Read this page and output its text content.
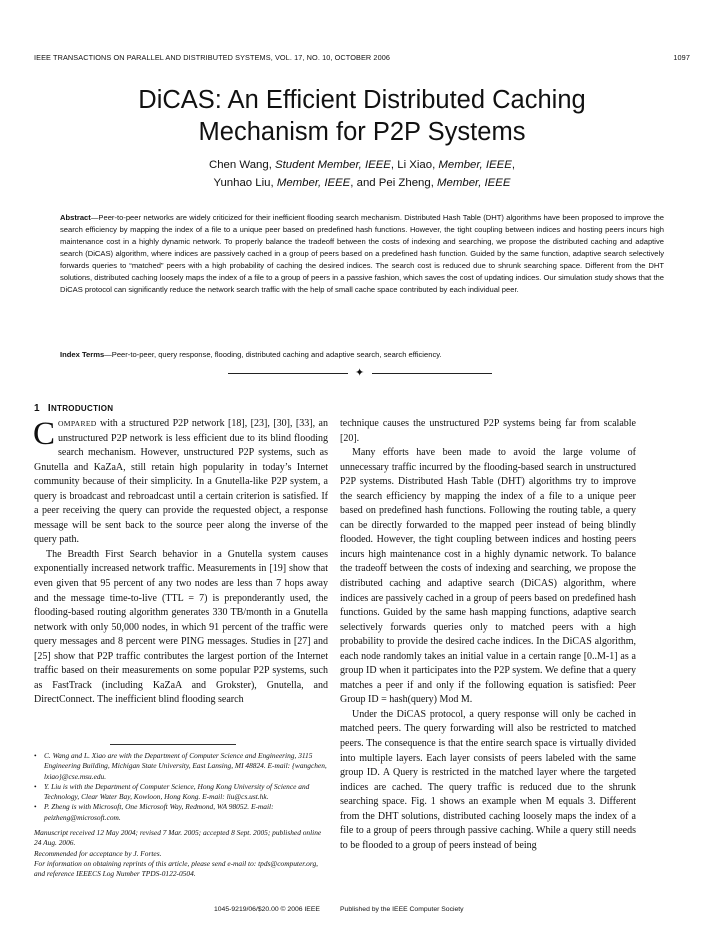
IEEE TRANSACTIONS ON PARALLEL AND DISTRIBUTED SYSTEMS, VOL. 17, NO. 10, OCTOBER 2006	1097
DiCAS: An Efficient Distributed Caching
Mechanism for P2P Systems
Chen Wang, Student Member, IEEE, Li Xiao, Member, IEEE,
Yunhao Liu, Member, IEEE, and Pei Zheng, Member, IEEE
Abstract—Peer-to-peer networks are widely criticized for their inefficient flooding search mechanism. Distributed Hash Table (DHT) algorithms have been proposed to improve the search efficiency by mapping the index of a file to a unique peer based on predefined hash functions. However, the tight coupling between indices and hosting peers incurs high maintenance cost in a highly dynamic network. To properly balance the tradeoff between the costs of indexing and searching, we propose the distributed caching and adaptive search (DiCAS) algorithm, where indices are passively cached in a group of peers based on a predefined hash function. Guided by the same function, adaptive search selectively forwards queries to “matched” peers with a high probability of caching the desired indices. The search cost is reduced due to shrunk searching space. Different from the DHT solutions, distributed caching loosely maps the index of a file to a group of peers in a passive fashion, which saves the cost of updating indices. Our simulation study shows that the DiCAS protocol can significantly reduce the network search traffic with the help of small cache space contributed by each individual peer.
Index Terms—Peer-to-peer, query response, flooding, distributed caching and adaptive search, search efficiency.
✦
1 INTRODUCTION

COMPARED with a structured P2P network [18], [23], [30], [33], an unstructured P2P network is less efficient due to its blind flooding search mechanism. However, unstructured P2P systems, such as Gnutella and KaZaA, still retain high popularity in today’s Internet community because of their simplicity. In a Gnutella-like P2P system, a query is broadcast and rebroadcast until a certain criterion is satisfied. If a peer receiving the query can provide the requested object, a response message will be sent back to the source peer along the inverse of the query path.

The Breadth First Search behavior in a Gnutella system causes exponentially increased network traffic. Measurements in [19] show that even given that 95 percent of any two nodes are less than 7 hops away and the message time-to-live (TTL = 7) is preponderantly used, the flooding-based routing algorithm generates 330 TB/month in a Gnutella network with only 50,000 nodes, in which 91 percent of the traffic were query messages and 8 percent were PING messages. Studies in [27] and [25] show that P2P traffic contributes the largest portion of the Internet traffic based on their measurements on some popular P2P systems, such as FastTrack (including KaZaA and Grokster), Gnutella, and DirectConnect. The inefficient blind flooding search

technique causes the unstructured P2P systems being far from scalable [20].

Many efforts have been made to avoid the large volume of unnecessary traffic incurred by the flooding-based search in unstructured P2P systems. Distributed Hash Table (DHT) algorithms try to improve the search efficiency by mapping the index of a file to a unique peer based on predefined hash functions. Following the routing table, a query can be directly forwarded to the mapped peer instead of being blindly flooded. However, the tight coupling between indices and hosting peers incurs high maintenance cost in a highly dynamic network. To balance the tradeoff between the costs of indexing and searching, we propose the distributed caching and adaptive search (DiCAS) algorithm, where indices are passively cached in a group of peers based on predefined hash functions. Guided by the same hash mapping functions, adaptive search selectively forwards queries only to matched peers with a high probability to provide the desired cache indices. In the DiCAS algorithm, each node randomly takes an initial value in a certain range [0..M-1] as a group ID when it participates into the P2P system. We define that a query matches a peer if and only if the following equation is satisfied: Peer Group ID = hash(query) Mod M.

Under the DiCAS protocol, a query response will only be cached in matched peers. The query forwarding will also be restricted to matched peers. The consequence is that the entire search space is virtually divided into multiple layers. Each layer consists of peers labeled with the same group ID. A Query is restricted in the matched layer where the targeted indices are cached. The query traffic is reduced due to the shrunk searching space. Fig. 1 shows an example when M equals 3. Different from the DHT solutions, distributed caching loosely maps the index of a file to a group of peers through passive caching. While a query still needs to be flooded to a group of peers instead of being

• C. Wang and L. Xiao are with the Department of Computer Science and Engineering, 3115 Engineering Building, Michigan State University, East Lansing, MI 48824. E-mail: {wangchen, lxiao}@cse.msu.edu.
• Y. Liu is with the Department of Computer Science, Hong Kong University of Science and Technology, Clear Water Bay, Kowloon, Hong Kong. E-mail: liu@cs.ust.hk.
• P. Zheng is with Microsoft, One Microsoft Way, Redmond, WA 98052. E-mail: peizheng@microsoft.com.
Manuscript received 12 May 2004; revised 7 Mar. 2005; accepted 8 Sept. 2005; published online 24 Aug. 2006.
Recommended for acceptance by J. Fortes.
For information on obtaining reprints of this article, please send e-mail to: tpds@computer.org, and reference IEEECS Log Number TPDS-0122-0504.
1045-9219/06/$20.00 © 2006 IEEE	Published by the IEEE Computer Society
